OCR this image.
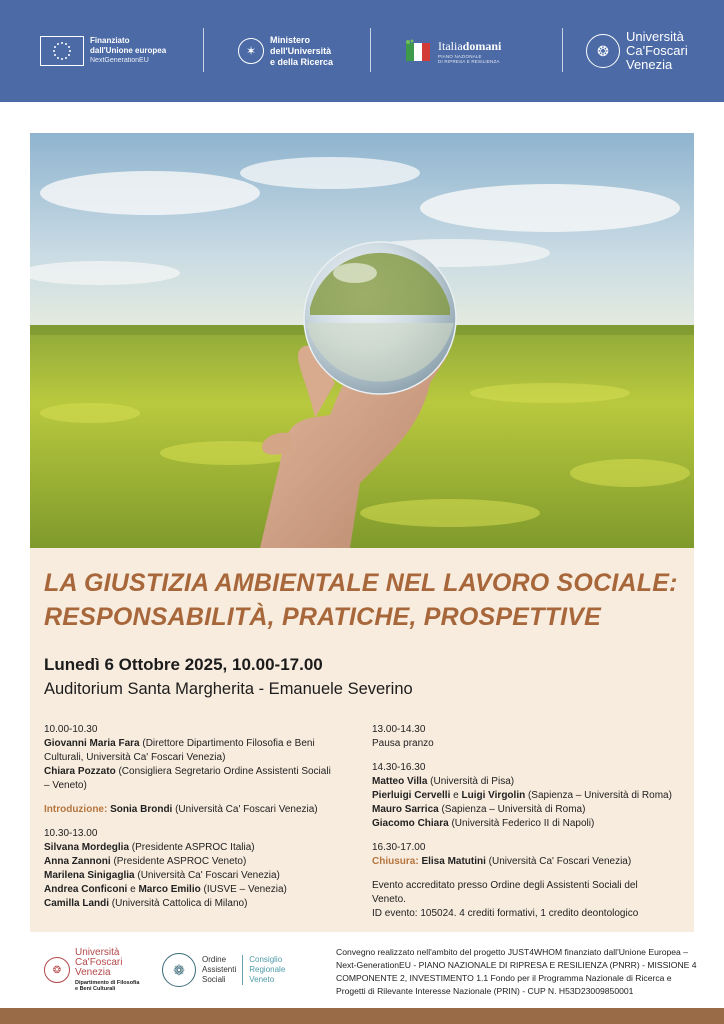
Finanziato
dall'Unione europea
NextGenerationEU
✶
Ministero
dell'Università
e della Ricerca
Italiadomani
PIANO NAZIONALE
DI RIPRESA E RESILIENZA
❂
Università
Ca'Foscari
Venezia
LA GIUSTIZIA AMBIENTALE NEL LAVORO SOCIALE:
RESPONSABILITÀ, PRATICHE, PROSPETTIVE
Lunedì 6 Ottobre 2025, 10.00-17.00
Auditorium Santa Margherita - Emanuele Severino
10.00-10.30
Giovanni Maria Fara (Direttore Dipartimento Filosofia e Beni Culturali, Università Ca' Foscari Venezia)
Chiara Pozzato (Consigliera Segretario Ordine Assistenti Sociali – Veneto)
Introduzione: Sonia Brondi (Università Ca' Foscari Venezia)
10.30-13.00
Silvana Mordeglia (Presidente ASPROC Italia)
Anna Zannoni (Presidente ASPROC Veneto)
Marilena Sinigaglia (Università Ca' Foscari Venezia)
Andrea Conficoni e Marco Emilio (IUSVE – Venezia)
Camilla Landi (Università Cattolica di Milano)
13.00-14.30
Pausa pranzo
14.30-16.30
Matteo Villa (Università di Pisa)
Pierluigi Cervelli e Luigi Virgolin (Sapienza – Università di Roma)
Mauro Sarrica (Sapienza – Università di Roma)
Giacomo Chiara (Università Federico II di Napoli)
16.30-17.00
Chiusura: Elisa Matutini (Università Ca' Foscari Venezia)
Evento accreditato presso Ordine degli Assistenti Sociali del Veneto.
ID evento: 105024. 4 crediti formativi, 1 credito deontologico
❂
Università
Ca'Foscari
Venezia
Dipartimento di Filosofia
e Beni Culturali
❁
Ordine
Assistenti
Sociali
Consiglio
Regionale
Veneto
Convegno realizzato nell'ambito del progetto JUST4WHOM finanziato dall'Unione Europea – Next-GenerationEU - PIANO NAZIONALE DI RIPRESA E RESILIENZA (PNRR) - MISSIONE 4 COMPONENTE 2, INVESTIMENTO 1.1 Fondo per il Programma Nazionale di Ricerca e Progetti di Rilevante Interesse Nazionale (PRIN) - CUP N. H53D23009850001
